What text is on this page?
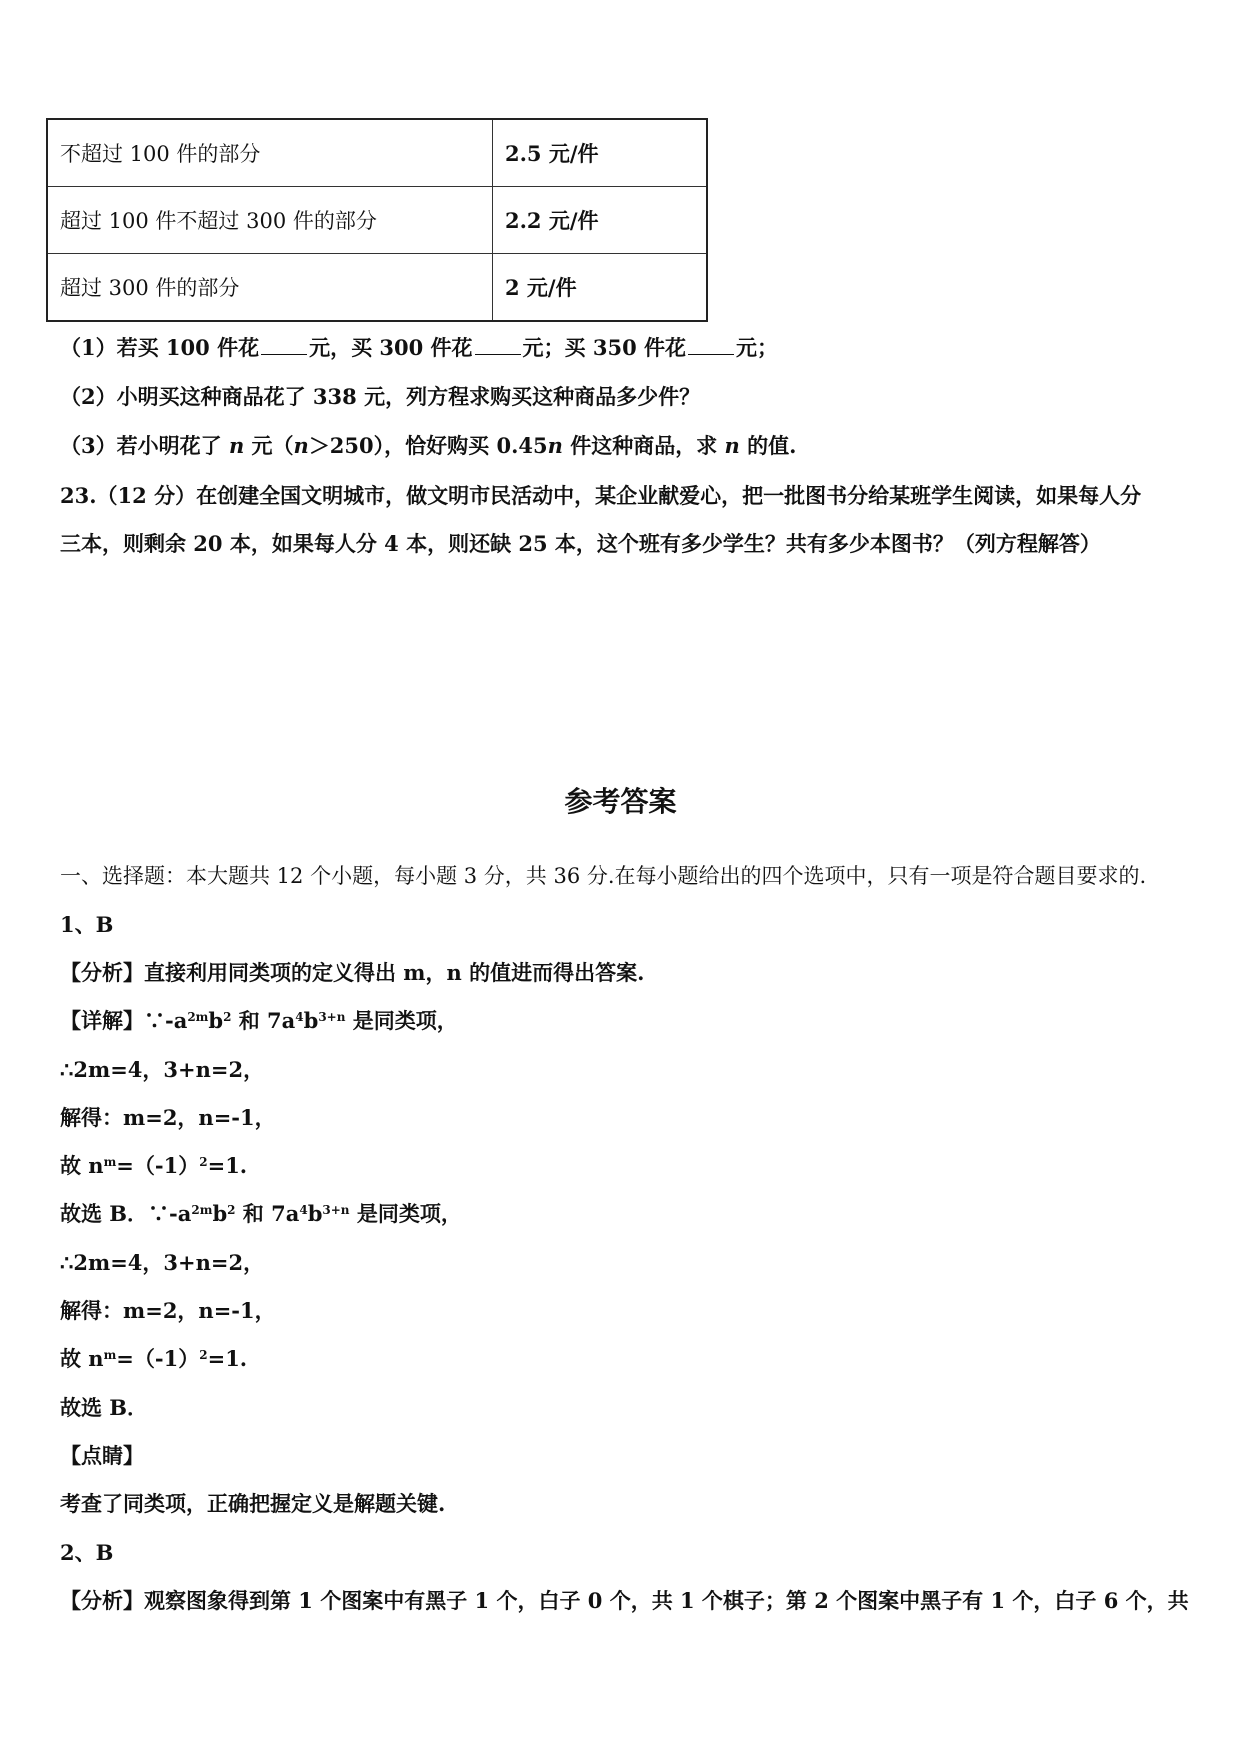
不超过 100 件的部分	2.5 元/件
超过 100 件不超过 300 件的部分	2.2 元/件
超过 300 件的部分	2 元/件
（1）若买 100 件花 元，买 300 件花 元；买 350 件花 元；
（2）小明买这种商品花了 338 元，列方程求购买这种商品多少件？
（3）若小明花了 n 元（n＞250），恰好购买 0.45n 件这种商品，求 n 的值.
23.（12 分）在创建全国文明城市，做文明市民活动中，某企业献爱心，把一批图书分给某班学生阅读，如果每人分
三本，则剩余 20 本，如果每人分 4 本，则还缺 25 本，这个班有多少学生？共有多少本图书？（列方程解答）
参考答案
一、选择题：本大题共 12 个小题，每小题 3 分，共 36 分.在每小题给出的四个选项中，只有一项是符合题目要求的.
1、B
【分析】直接利用同类项的定义得出 m，n 的值进而得出答案.
【详解】$\because-a^{2m}b^2$ 和 $7a^4b^{3+n}$ 是同类项，
∴2m=4，3+n=2，
解得：m=2，n=-1，
故 $n^m=(-1)^2=1$.
故选 B．$\because-a^{2m}b^2$ 和 $7a^4b^{3+n}$ 是同类项，
∴2m=4，3+n=2，
解得：m=2，n=-1，
故 $n^m=(-1)^2=1$.
故选 B．
【点睛】
考查了同类项，正确把握定义是解题关键.
2、B
【分析】观察图象得到第 1 个图案中有黑子 1 个，白子 0 个，共 1 个棋子；第 2 个图案中黑子有 1 个，白子 6 个，共
